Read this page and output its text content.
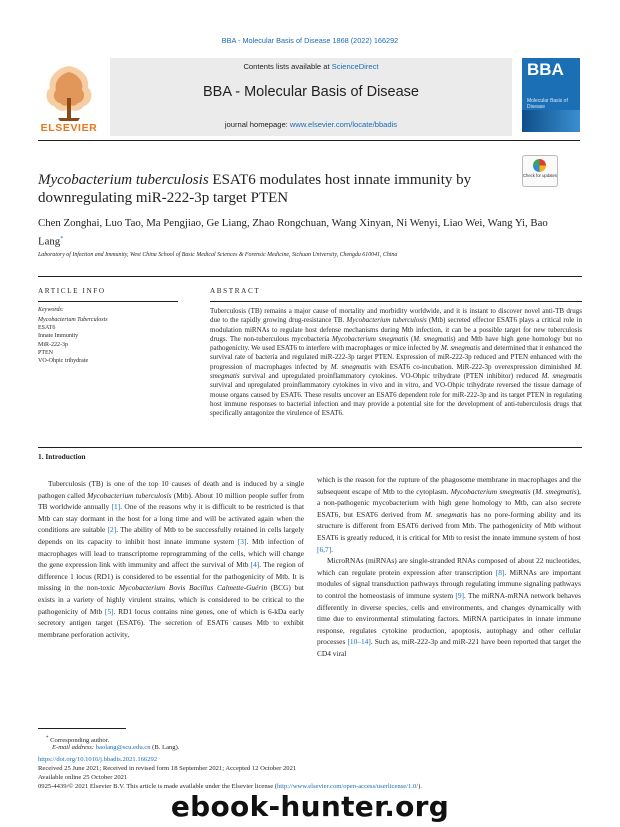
BBA - Molecular Basis of Disease 1868 (2022) 166292
ELSEVIER
Contents lists available at ScienceDirect
BBA - Molecular Basis of Disease
journal homepage: www.elsevier.com/locate/bbadis
BBA
Molecular Basis of Disease
Mycobacterium tuberculosis ESAT6 modulates host innate immunity by downregulating miR-222-3p target PTEN
Check for updates
Chen Zonghai, Luo Tao, Ma Pengjiao, Ge Liang, Zhao Rongchuan, Wang Xinyan, Ni Wenyi, Liao Wei, Wang Yi, Bao Lang*
Laboratory of Infection and Immunity, West China School of Basic Medical Sciences & Forensic Medicine, Sichuan University, Chengdu 610041, China
ARTICLE INFO	ABSTRACT
Keywords:
Mycobacterium Tuberculosis
ESAT6
Innate Immunity
MiR-222-3p
PTEN
VO-Ohpic trihydrate
Tuberculosis (TB) remains a major cause of mortality and morbidity worldwide, and it is instant to discover novel anti-TB drugs due to the rapidly growing drug-resistance TB. Mycobacterium tuberculosis (Mtb) secreted effector ESAT6 plays a critical role in modulation miRNAs to regulate host defense mechanisms during Mtb infection, it can be a possible target for new tuberculosis drugs. The non-tuberculous mycobacteria Mycobacterium smegmatis (M. smegmatis) and Mtb have high gene homology but no pathogenicity. We used ESAT6 to interfere with macrophages or mice infected by M. smegmatis and determined that it enhanced the survival rate of bacteria and regulated miR-222-3p target PTEN. Expression of miR-222-3p reduced and PTEN enhanced with the progression of macrophages infected by M. smegmatis with ESAT6 co-incubation. MiR-222-3p overexpression diminished M. smegmatis survival and upregulated proinflammatory cytokines. VO-Ohpic trihydrate (PTEN inhibitor) reduced M. smegmatis survival and upregulated proinflammatory cytokines in vivo and in vitro, and VO-Ohpic trihydrate reversed the tissue damage of mouse organs caused by ESAT6. These results uncover an ESAT6 dependent role for miR-222-3p and its target PTEN in regulating host immune responses to bacterial infection and may provide a potential site for the development of anti-tuberculosis drugs that specifically antagonize the virulence of ESAT6.
1. Introduction

Tuberculosis (TB) is one of the top 10 causes of death and is induced by a single pathogen called Mycobacterium tuberculosis (Mtb). About 10 million people suffer from TB worldwide annually [1]. One of the reasons why it is difficult to be restricted is that Mtb can stay dormant in the host for a long time and will be activated again when the conditions are suitable [2]. The ability of Mtb to be successfully retained in cells largely depends on its capacity to inhibit host innate immune system [3]. Mtb infection of macrophages will lead to transcriptome reprogramming of the cells, which will change the gene expression link with immunity and affect the survival of Mtb [4]. The region of difference 1 locus (RD1) is considered to be essential for the pathogenicity of Mtb. It is missing in the non-toxic Mycobacterium Bovis Bacillus Calmette-Guérin (BCG) but exists in a variety of highly virulent strains, which is considered to be critical to the pathogenicity of Mtb [5]. RD1 locus contains nine genes, one of which is 6-kDa early secretory antigen target (ESAT6). The secretion of ESAT6 causes Mtb to exhibit membrane perforation activity,

which is the reason for the rupture of the phagosome membrane in macrophages and the subsequent escape of Mtb to the cytoplasm. Mycobacterium smegmatis (M. smegmatis), a non-pathogenic mycobacterium with high gene homology to Mtb, can also secrete ESAT6, but ESAT6 derived from M. smegmatis has no pore-forming ability and its structure is different from ESAT6 derived from Mtb. The pathogenicity of Mtb without ESAT6 is greatly reduced, it is critical for Mtb to resist the innate immune system of host [6,7].

MicroRNAs (miRNAs) are single-stranded RNAs composed of about 22 nucleotides, which can regulate protein expression after transcription [8]. MiRNAs are important modules of signal transduction pathways through regulating immune signaling pathways to control the homeostasis of immune system [9]. The miRNA-mRNA network behaves differently in diverse species, cells and environments, and changes dynamically with time due to environmental stimulating factors. MiRNA participates in innate immune response, regulates cytokine production, apoptosis, autophagy and other cellular processes [10–14]. Such as, miR-222-3p and miR-221 have been reported that target the CD4 viral

* Corresponding author.
E-mail address: baolang@scu.edu.cn (B. Lang).
https://doi.org/10.1016/j.bbadis.2021.166292
Received 25 June 2021; Received in revised form 18 September 2021; Accepted 12 October 2021
Available online 25 October 2021
0925-4439/© 2021 Elsevier B.V. This article is made available under the Elsevier license (http://www.elsevier.com/open-access/userlicense/1.0/).
ebook-hunter.org
